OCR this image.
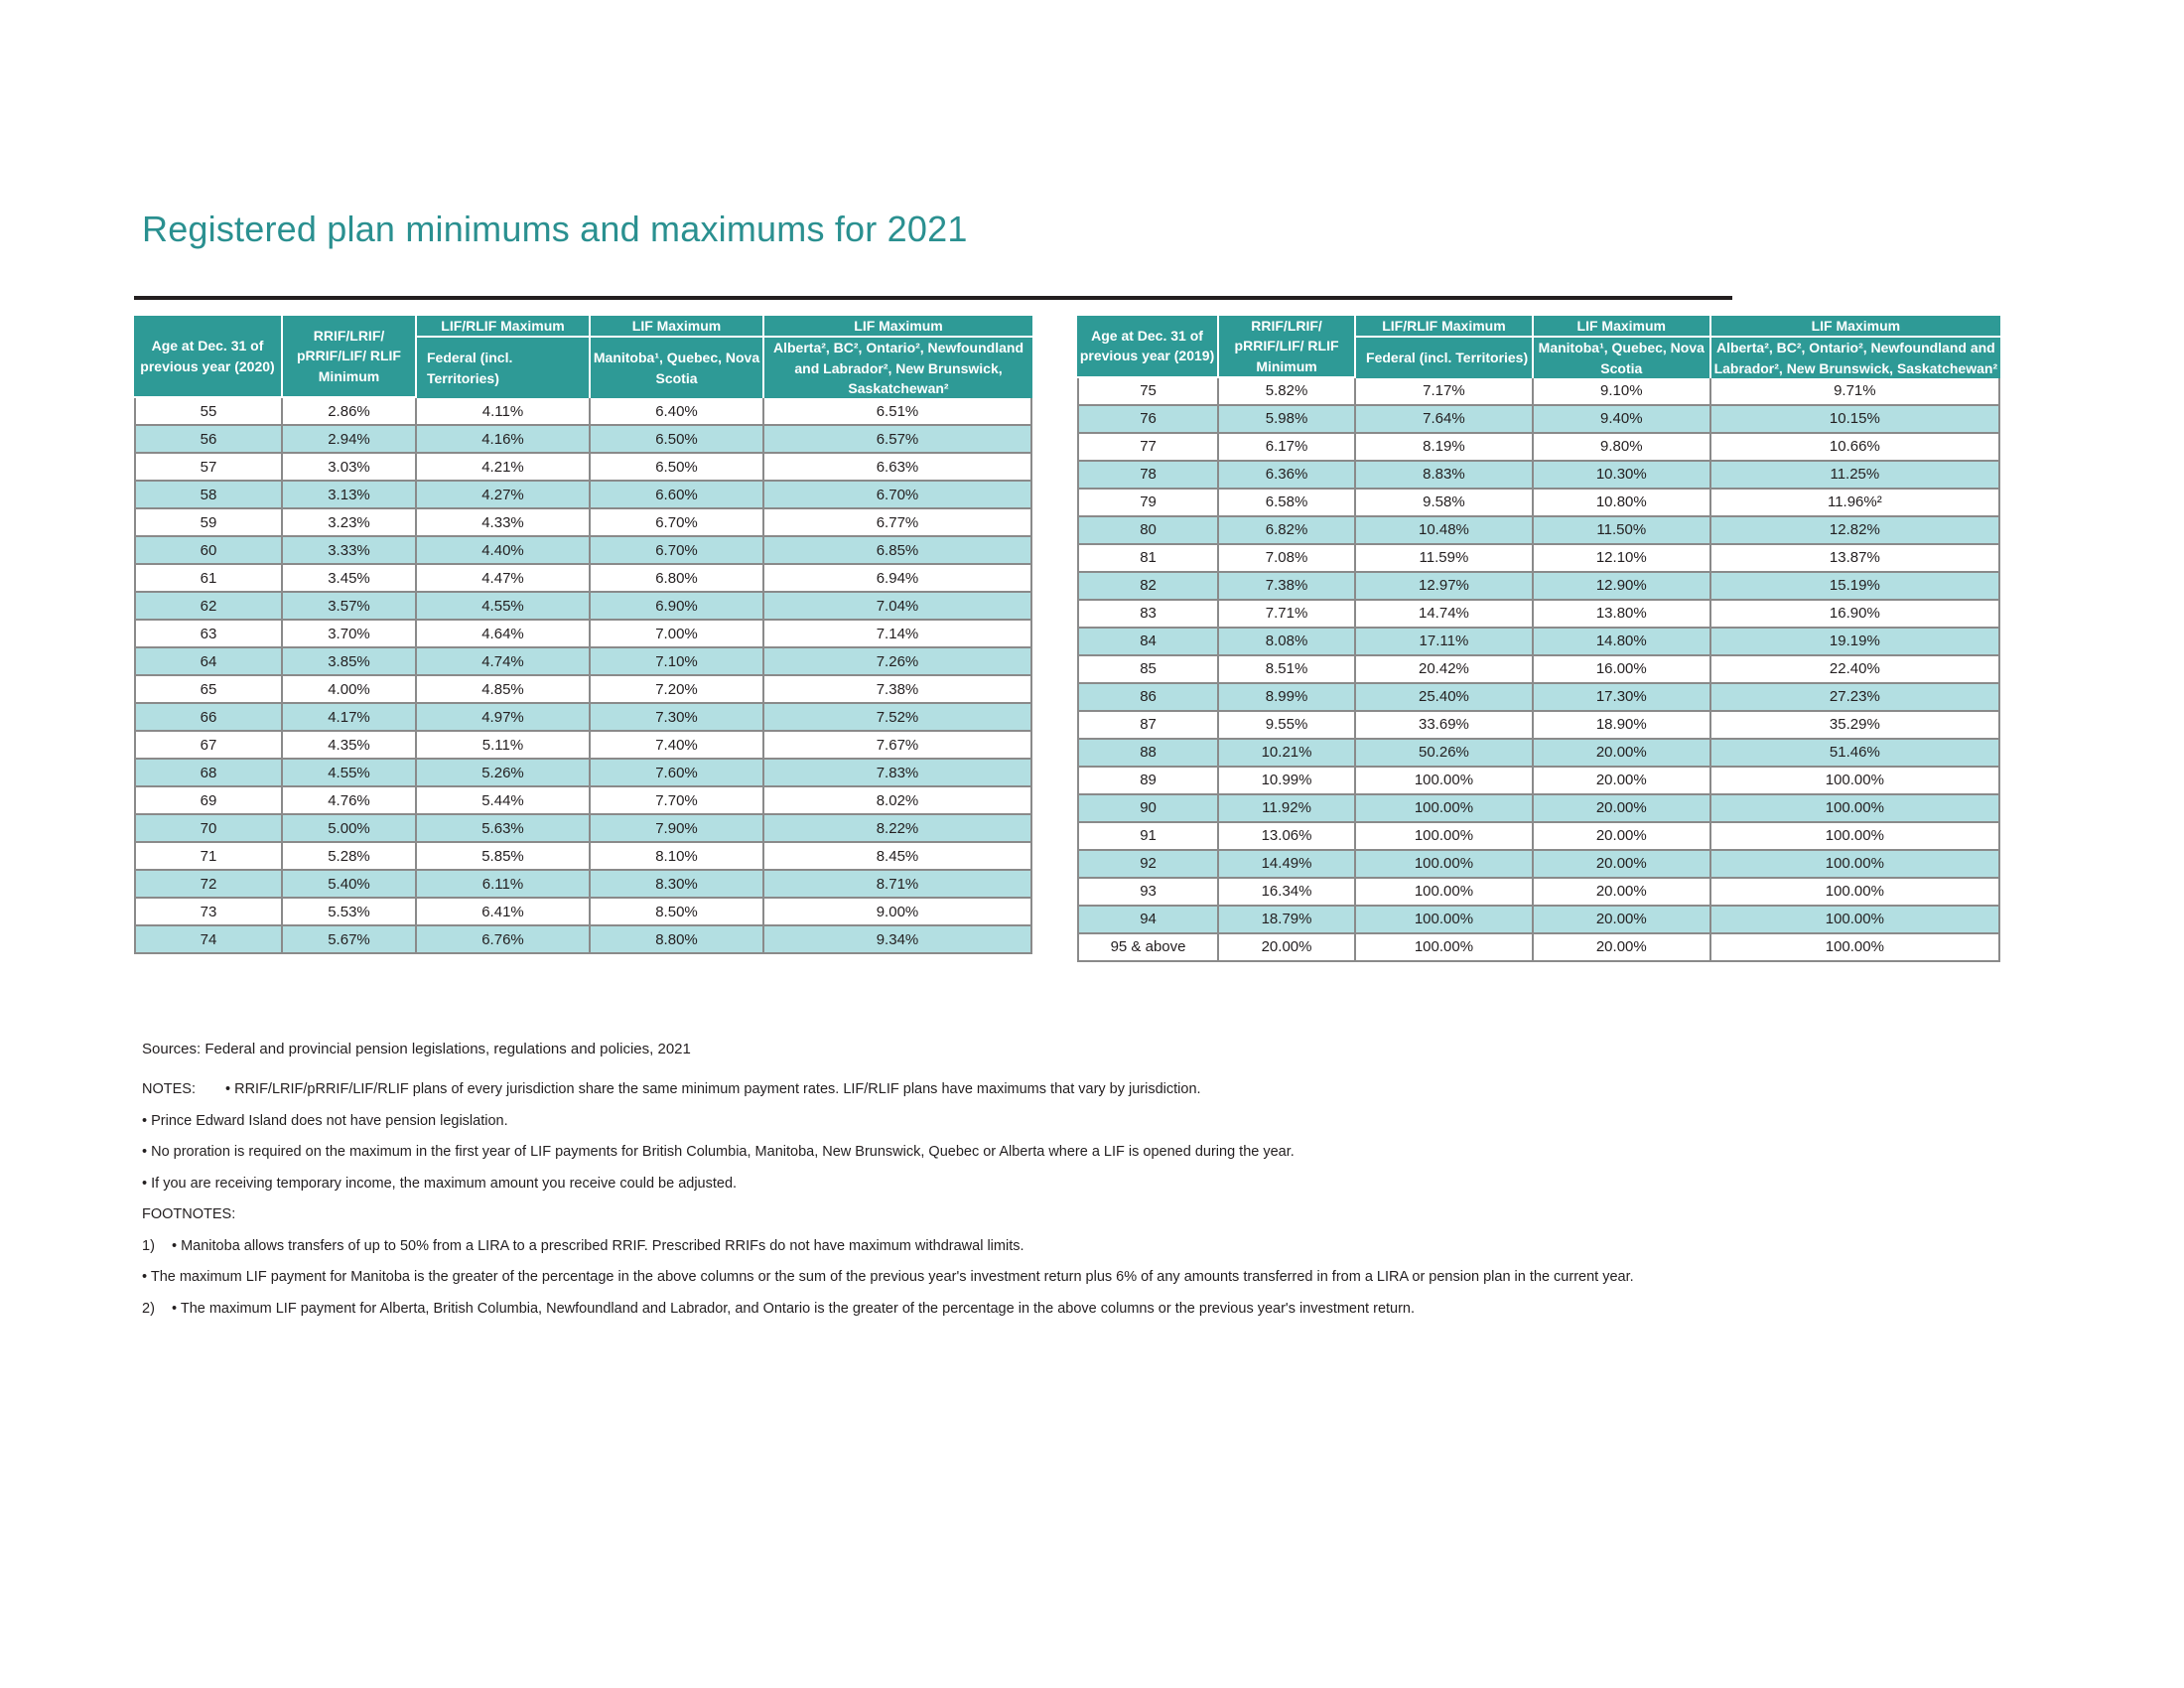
Registered plan minimums and maximums for 2021
Age at Dec. 31 of previous year (2020)	RRIF/LRIF/ pRRIF/LIF/ RLIF Minimum	LIF/RLIF Maximum	LIF Maximum	LIF Maximum
		Federal (incl. Territories)	Manitoba¹, Quebec, Nova Scotia	Alberta², BC², Ontario², Newfoundland and Labrador², New Brunswick, Saskatchewan²
55	2.86%	4.11%	6.40%	6.51%
56	2.94%	4.16%	6.50%	6.57%
57	3.03%	4.21%	6.50%	6.63%
58	3.13%	4.27%	6.60%	6.70%
59	3.23%	4.33%	6.70%	6.77%
60	3.33%	4.40%	6.70%	6.85%
61	3.45%	4.47%	6.80%	6.94%
62	3.57%	4.55%	6.90%	7.04%
63	3.70%	4.64%	7.00%	7.14%
64	3.85%	4.74%	7.10%	7.26%
65	4.00%	4.85%	7.20%	7.38%
66	4.17%	4.97%	7.30%	7.52%
67	4.35%	5.11%	7.40%	7.67%
68	4.55%	5.26%	7.60%	7.83%
69	4.76%	5.44%	7.70%	8.02%
70	5.00%	5.63%	7.90%	8.22%
71	5.28%	5.85%	8.10%	8.45%
72	5.40%	6.11%	8.30%	8.71%
73	5.53%	6.41%	8.50%	9.00%
74	5.67%	6.76%	8.80%	9.34%
Age at Dec. 31 of previous year (2019)	RRIF/LRIF/ pRRIF/LIF/ RLIF Minimum	LIF/RLIF Maximum	LIF Maximum	LIF Maximum
		Federal (incl. Territories)	Manitoba¹, Quebec, Nova Scotia	Alberta², BC², Ontario², Newfoundland and Labrador², New Brunswick, Saskatchewan²
75	5.82%	7.17%	9.10%	9.71%
76	5.98%	7.64%	9.40%	10.15%
77	6.17%	8.19%	9.80%	10.66%
78	6.36%	8.83%	10.30%	11.25%
79	6.58%	9.58%	10.80%	11.96%²
80	6.82%	10.48%	11.50%	12.82%
81	7.08%	11.59%	12.10%	13.87%
82	7.38%	12.97%	12.90%	15.19%
83	7.71%	14.74%	13.80%	16.90%
84	8.08%	17.11%	14.80%	19.19%
85	8.51%	20.42%	16.00%	22.40%
86	8.99%	25.40%	17.30%	27.23%
87	9.55%	33.69%	18.90%	35.29%
88	10.21%	50.26%	20.00%	51.46%
89	10.99%	100.00%	20.00%	100.00%
90	11.92%	100.00%	20.00%	100.00%
91	13.06%	100.00%	20.00%	100.00%
92	14.49%	100.00%	20.00%	100.00%
93	16.34%	100.00%	20.00%	100.00%
94	18.79%	100.00%	20.00%	100.00%
95 & above	20.00%	100.00%	20.00%	100.00%
Sources: Federal and provincial pension legislations, regulations and policies, 2021
NOTES: • RRIF/LRIF/pRRIF/LIF/RLIF plans of every jurisdiction share the same minimum payment rates. LIF/RLIF plans have maximums that vary by jurisdiction.
• Prince Edward Island does not have pension legislation.
• No proration is required on the maximum in the first year of LIF payments for British Columbia, Manitoba, New Brunswick, Quebec or Alberta where a LIF is opened during the year.
• If you are receiving temporary income, the maximum amount you receive could be adjusted.
FOOTNOTES:
1) • Manitoba allows transfers of up to 50% from a LIRA to a prescribed RRIF. Prescribed RRIFs do not have maximum withdrawal limits.
• The maximum LIF payment for Manitoba is the greater of the percentage in the above columns or the sum of the previous year's investment return plus 6% of any amounts transferred in from a LIRA or pension plan in the current year.
2) • The maximum LIF payment for Alberta, British Columbia, Newfoundland and Labrador, and Ontario is the greater of the percentage in the above columns or the previous year's investment return.
